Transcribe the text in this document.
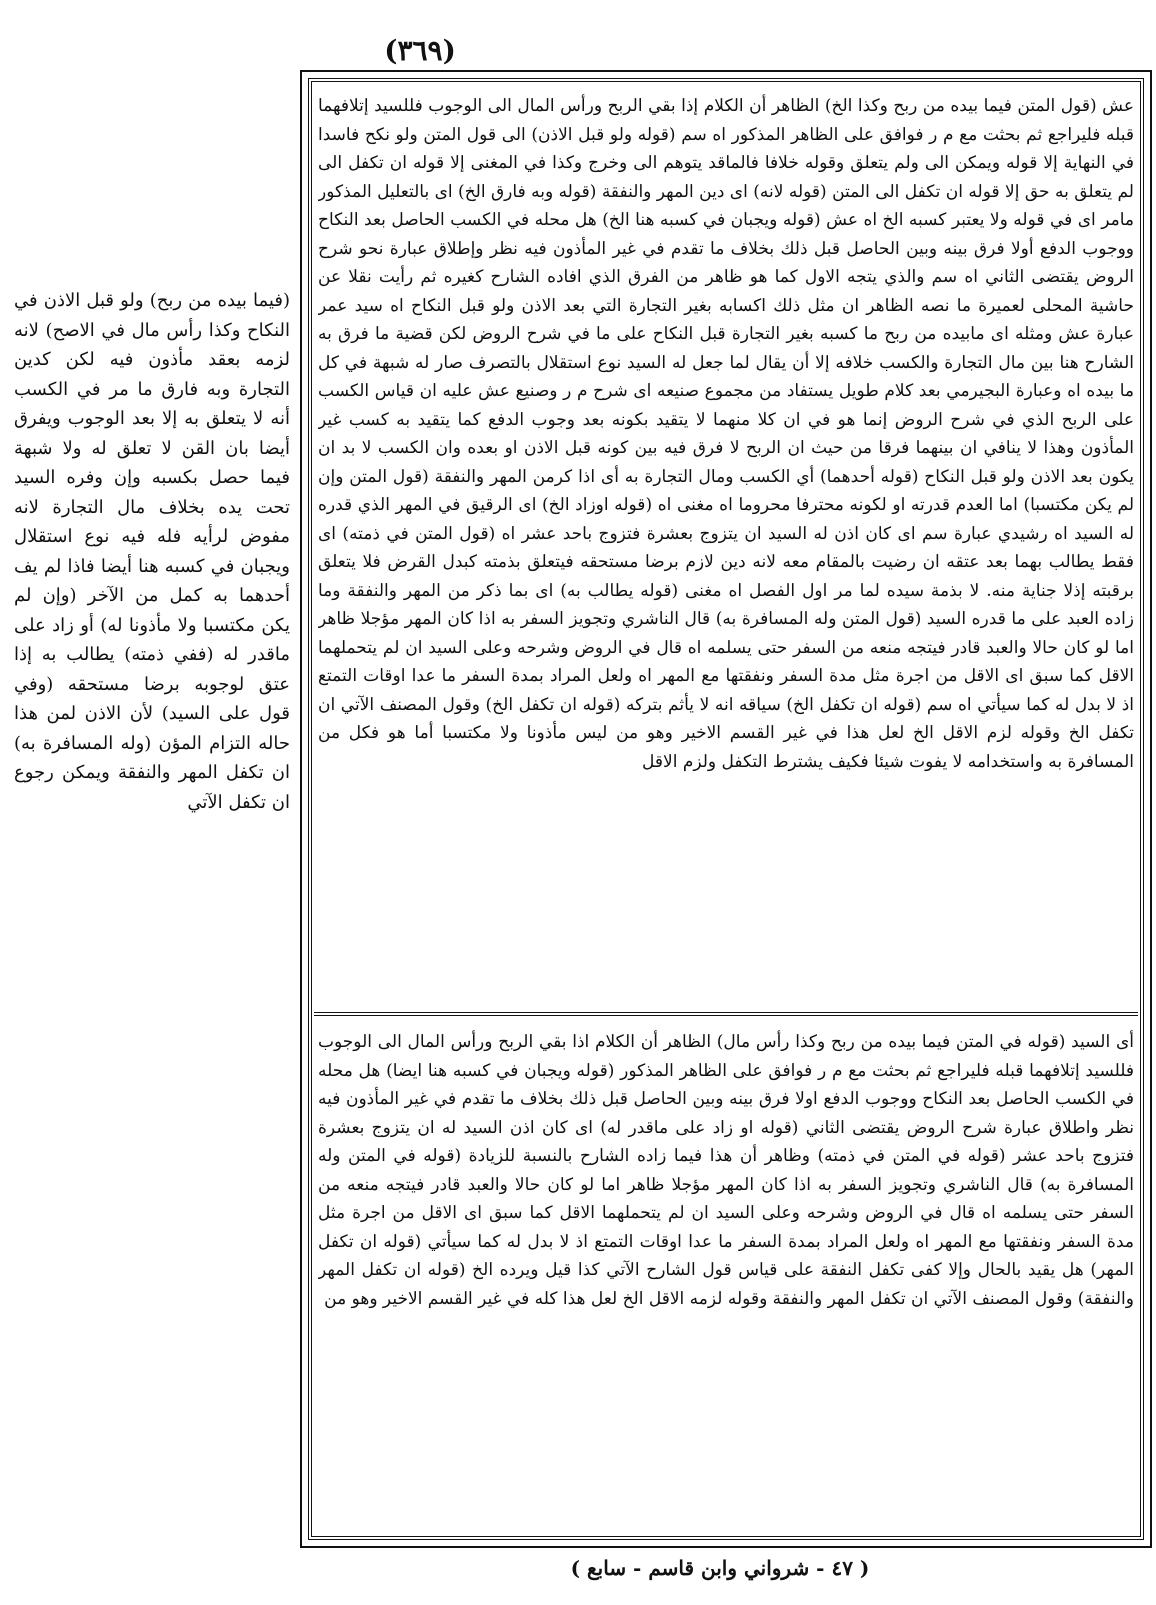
(٣٦٩)
عش (قول المتن فيما بيده من ربح وكذا الخ) الظاهر أن الكلام إذا بقي الربح ورأس المال الى الوجوب فللسيد إتلافهما قبله فليراجع ثم بحثت مع م ر فوافق على الظاهر المذكور اه سم (قوله ولو قبل الاذن) الى قول المتن ولو نكح فاسدا في النهاية إلا قوله ويمكن الى ولم يتعلق وقوله خلافا فالماقد يتوهم الى وخرج وكذا في المغنى إلا قوله ان تكفل الى لم يتعلق به حق إلا قوله ان تكفل الى المتن (قوله لانه) اى دين المهر والنفقة (قوله وبه فارق الخ) اى بالتعليل المذكور مامر اى في قوله ولا يعتبر كسبه الخ اه عش (قوله ويجبان في كسبه هنا الخ) هل محله في الكسب الحاصل بعد النكاح ووجوب الدفع أولا فرق بينه وبين الحاصل قبل ذلك بخلاف ما تقدم في غير المأذون فيه نظر وإطلاق عبارة نحو شرح الروض يقتضى الثاني اه سم والذي يتجه الاول كما هو ظاهر من الفرق الذي افاده الشارح كغيره ثم رأيت نقلا عن حاشية المحلى لعميرة ما نصه الظاهر ان مثل ذلك اكسابه بغير التجارة التي بعد الاذن ولو قبل النكاح اه سيد عمر عبارة عش ومثله اى مابيده من ربح ما كسبه بغير التجارة قبل النكاح على ما في شرح الروض لكن قضية ما فرق به الشارح هنا بين مال التجارة والكسب خلافه إلا أن يقال لما جعل له السيد نوع استقلال بالتصرف صار له شبهة في كل ما بيده اه وعبارة البجيرمي بعد كلام طويل يستفاد من مجموع صنيعه اى شرح م ر وصنيع عش عليه ان قياس الكسب على الربح الذي في شرح الروض إنما هو في ان كلا منهما لا يتقيد بكونه بعد وجوب الدفع كما يتقيد به كسب غير المأذون وهذا لا ينافي ان بينهما فرقا من حيث ان الربح لا فرق فيه بين كونه قبل الاذن او بعده وان الكسب لا بد ان يكون بعد الاذن ولو قبل النكاح (قوله أحدهما) أي الكسب ومال التجارة به أى اذا كرمن المهر والنفقة (قول المتن وإن لم يكن مكتسبا) اما العدم قدرته او لكونه محترفا محروما اه مغنى اه (قوله اوزاد الخ) اى الرقيق في المهر الذي قدره له السيد اه رشيدي عبارة سم اى كان اذن له السيد ان يتزوج بعشرة فتزوج باحد عشر اه (قول المتن في ذمته) اى فقط يطالب بهما بعد عتقه ان رضيت بالمقام معه لانه دين لازم برضا مستحقه فيتعلق بذمته كبدل القرض فلا يتعلق برقبته إذلا جناية منه. لا بذمة سيده لما مر اول الفصل اه مغنى (قوله يطالب به) اى بما ذكر من المهر والنفقة وما زاده العبد على ما قدره السيد (قول المتن وله المسافرة به) قال الناشري وتجويز السفر به اذا كان المهر مؤجلا ظاهر اما لو كان حالا والعبد قادر فيتجه منعه من السفر حتى يسلمه اه قال في الروض وشرحه وعلى السيد ان لم يتحملهما الاقل كما سبق اى الاقل من اجرة مثل مدة السفر ونفقتها مع المهر اه ولعل المراد بمدة السفر ما عدا اوقات التمتع اذ لا بدل له كما سيأتي اه سم (قوله ان تكفل الخ) سياقه انه لا يأثم بتركه (قوله ان تكفل الخ) وقول المصنف الآتي ان تكفل الخ وقوله لزم الاقل الخ لعل هذا في غير القسم الاخير وهو من ليس مأذونا ولا مكتسبا أما هو فكل من المسافرة به واستخدامه لا يفوت شيئا فكيف يشترط التكفل ولزم الاقل
أى السيد (قوله في المتن فيما بيده من ربح وكذا رأس مال) الظاهر أن الكلام اذا بقي الربح ورأس المال الى الوجوب فللسيد إتلافهما قبله فليراجع ثم بحثت مع م ر فوافق على الظاهر المذكور (قوله ويجبان في كسبه هنا ايضا) هل محله في الكسب الحاصل بعد النكاح ووجوب الدفع اولا فرق بينه وبين الحاصل قبل ذلك بخلاف ما تقدم في غير المأذون فيه نظر واطلاق عبارة شرح الروض يقتضى الثاني (قوله او زاد على ماقدر له) اى كان اذن السيد له ان يتزوج بعشرة فتزوج باحد عشر (قوله في المتن في ذمته) وظاهر أن هذا فيما زاده الشارح بالنسبة للزيادة (قوله في المتن وله المسافرة به) قال الناشري وتجويز السفر به اذا كان المهر مؤجلا ظاهر اما لو كان حالا والعبد قادر فيتجه منعه من السفر حتى يسلمه اه قال في الروض وشرحه وعلى السيد ان لم يتحملهما الاقل كما سبق اى الاقل من اجرة مثل مدة السفر ونفقتها مع المهر اه ولعل المراد بمدة السفر ما عدا اوقات التمتع اذ لا بدل له كما سيأتي (قوله ان تكفل المهر) هل يقيد بالحال وإلا كفى تكفل النفقة على قياس قول الشارح الآتي كذا قيل ويرده الخ (قوله ان تكفل المهر والنفقة) وقول المصنف الآتي ان تكفل المهر والنفقة وقوله لزمه الاقل الخ لعل هذا كله في غير القسم الاخير وهو من
(فيما بيده من ربح) ولو قبل الاذن في النكاح وكذا رأس مال في الاصح) لانه لزمه بعقد مأذون فيه لكن كدين التجارة وبه فارق ما مر في الكسب أنه لا يتعلق به إلا بعد الوجوب ويفرق أيضا بان القن لا تعلق له ولا شبهة فيما حصل بكسبه وإن وفره السيد تحت يده بخلاف مال التجارة لانه مفوض لرأيه فله فيه نوع استقلال ويجبان في كسبه هنا أيضا فاذا لم يف أحدهما به كمل من الآخر (وإن لم يكن مكتسبا ولا مأذونا له) أو زاد على ماقدر له (ففي ذمته) يطالب به إذا عتق لوجوبه برضا مستحقه (وفي قول على السيد) لأن الاذن لمن هذا حاله التزام المؤن (وله المسافرة به) ان تكفل المهر والنفقة ويمكن رجوع ان تكفل الآتي
( ٤٧ - شرواني وابن قاسم - سابع )
